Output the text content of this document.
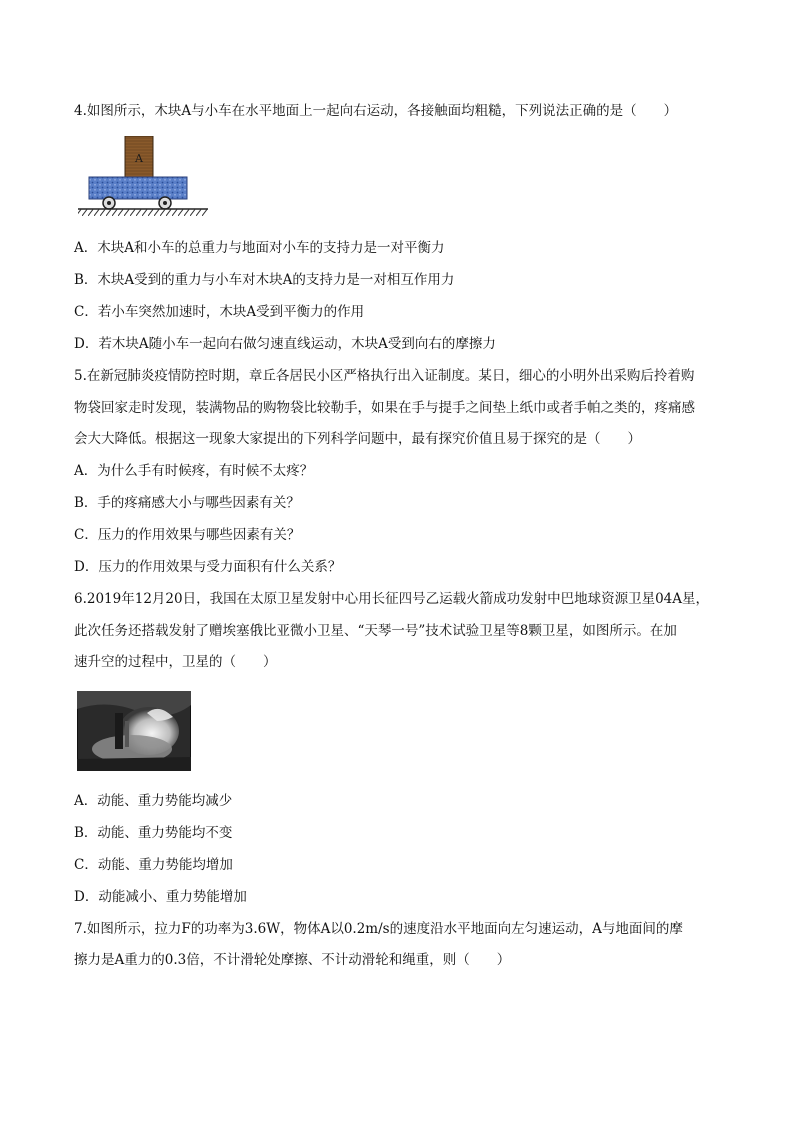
4.如图所示，木块A与小车在水平地面上一起向右运动，各接触面均粗糙，下列说法正确的是（　　）
A
A．木块A和小车的总重力与地面对小车的支持力是一对平衡力
B．木块A受到的重力与小车对木块A的支持力是一对相互作用力
C．若小车突然加速时，木块A受到平衡力的作用
D．若木块A随小车一起向右做匀速直线运动，木块A受到向右的摩擦力
5.在新冠肺炎疫情防控时期，章丘各居民小区严格执行出入证制度。某日，细心的小明外出采购后拎着购
物袋回家走时发现，装满物品的购物袋比较勒手，如果在手与提手之间垫上纸巾或者手帕之类的，疼痛感
会大大降低。根据这一现象大家提出的下列科学问题中，最有探究价值且易于探究的是（　　）
A．为什么手有时候疼，有时候不太疼？
B．手的疼痛感大小与哪些因素有关？
C．压力的作用效果与哪些因素有关？
D．压力的作用效果与受力面积有什么关系？
6.2019年12月20日，我国在太原卫星发射中心用长征四号乙运载火箭成功发射中巴地球资源卫星04A星，
此次任务还搭载发射了赠埃塞俄比亚微小卫星、“天琴一号”技术试验卫星等8颗卫星，如图所示。在加
速升空的过程中，卫星的（　　）
A．动能、重力势能均减少
B．动能、重力势能均不变
C．动能、重力势能均增加
D．动能减小、重力势能增加
7.如图所示，拉力F的功率为3.6W，物体A以0.2m/s的速度沿水平地面向左匀速运动，A与地面间的摩
擦力是A重力的0.3倍，不计滑轮处摩擦、不计动滑轮和绳重，则（　　）
